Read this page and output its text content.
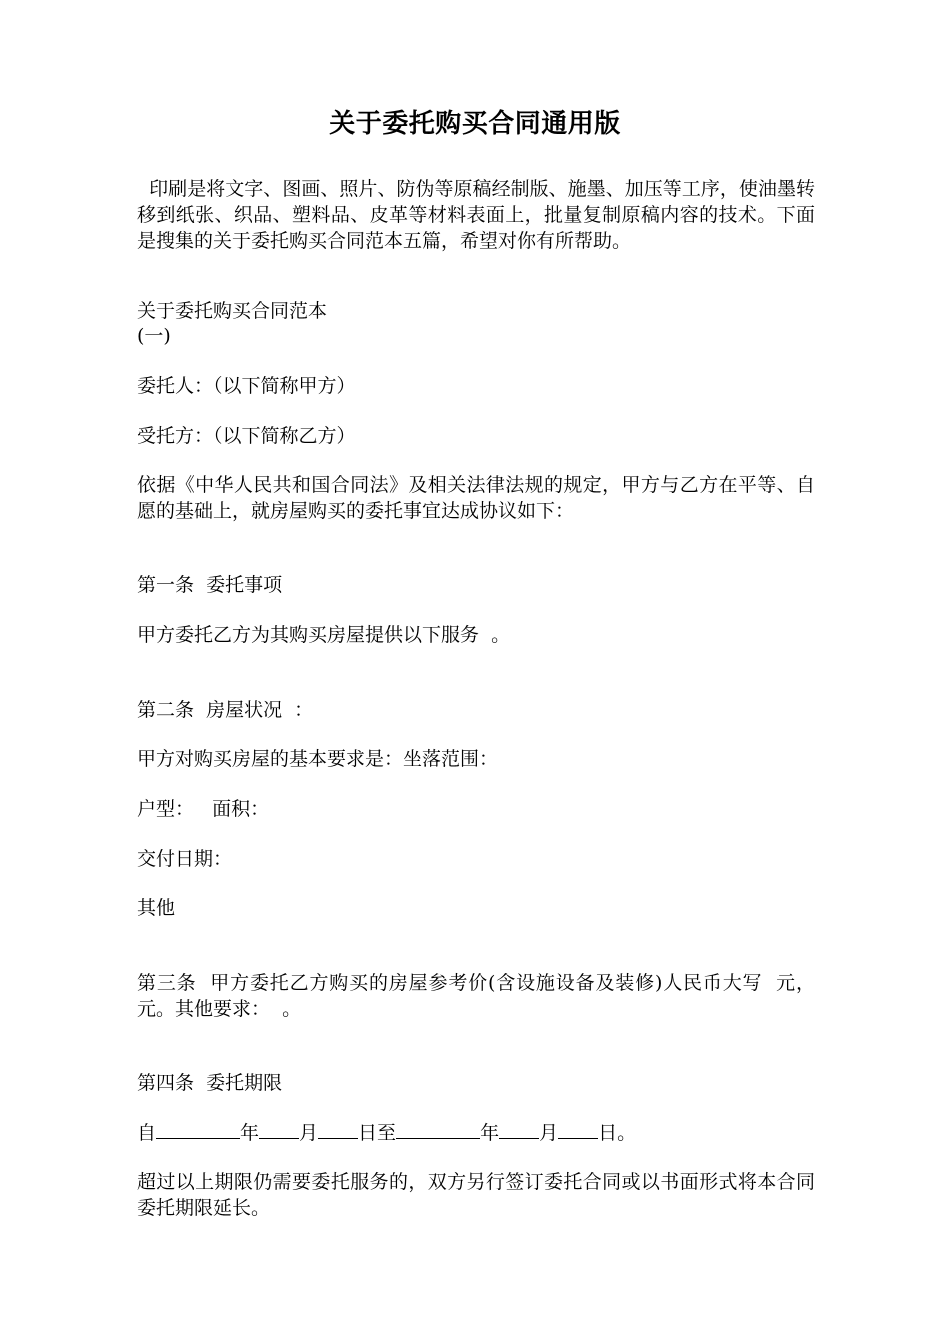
关于委托购买合同通用版
印刷是将文字、图画、照片、防伪等原稿经制版、施墨、加压等工序，使油墨转移到纸张、织品、塑料品、皮革等材料表面上，批量复制原稿内容的技术。下面是搜集的关于委托购买合同范本五篇，希望对你有所帮助。
关于委托购买合同范本
(一)
委托人：（以下简称甲方）
受托方：（以下简称乙方）
依据《中华人民共和国合同法》及相关法律法规的规定，甲方与乙方在平等、自愿的基础上，就房屋购买的委托事宜达成协议如下：
第一条  委托事项
甲方委托乙方为其购买房屋提供以下服务  。
第二条  房屋状况  ：
甲方对购买房屋的基本要求是：坐落范围：
户型：   面积：
交付日期：
其他
第三条  甲方委托乙方购买的房屋参考价(含设施设备及装修)人民币大写  元，  元。其他要求：  。
第四条  委托期限
自	年 月 日至	年 月 日。
超过以上期限仍需要委托服务的，双方另行签订委托合同或以书面形式将本合同委托期限延长。
